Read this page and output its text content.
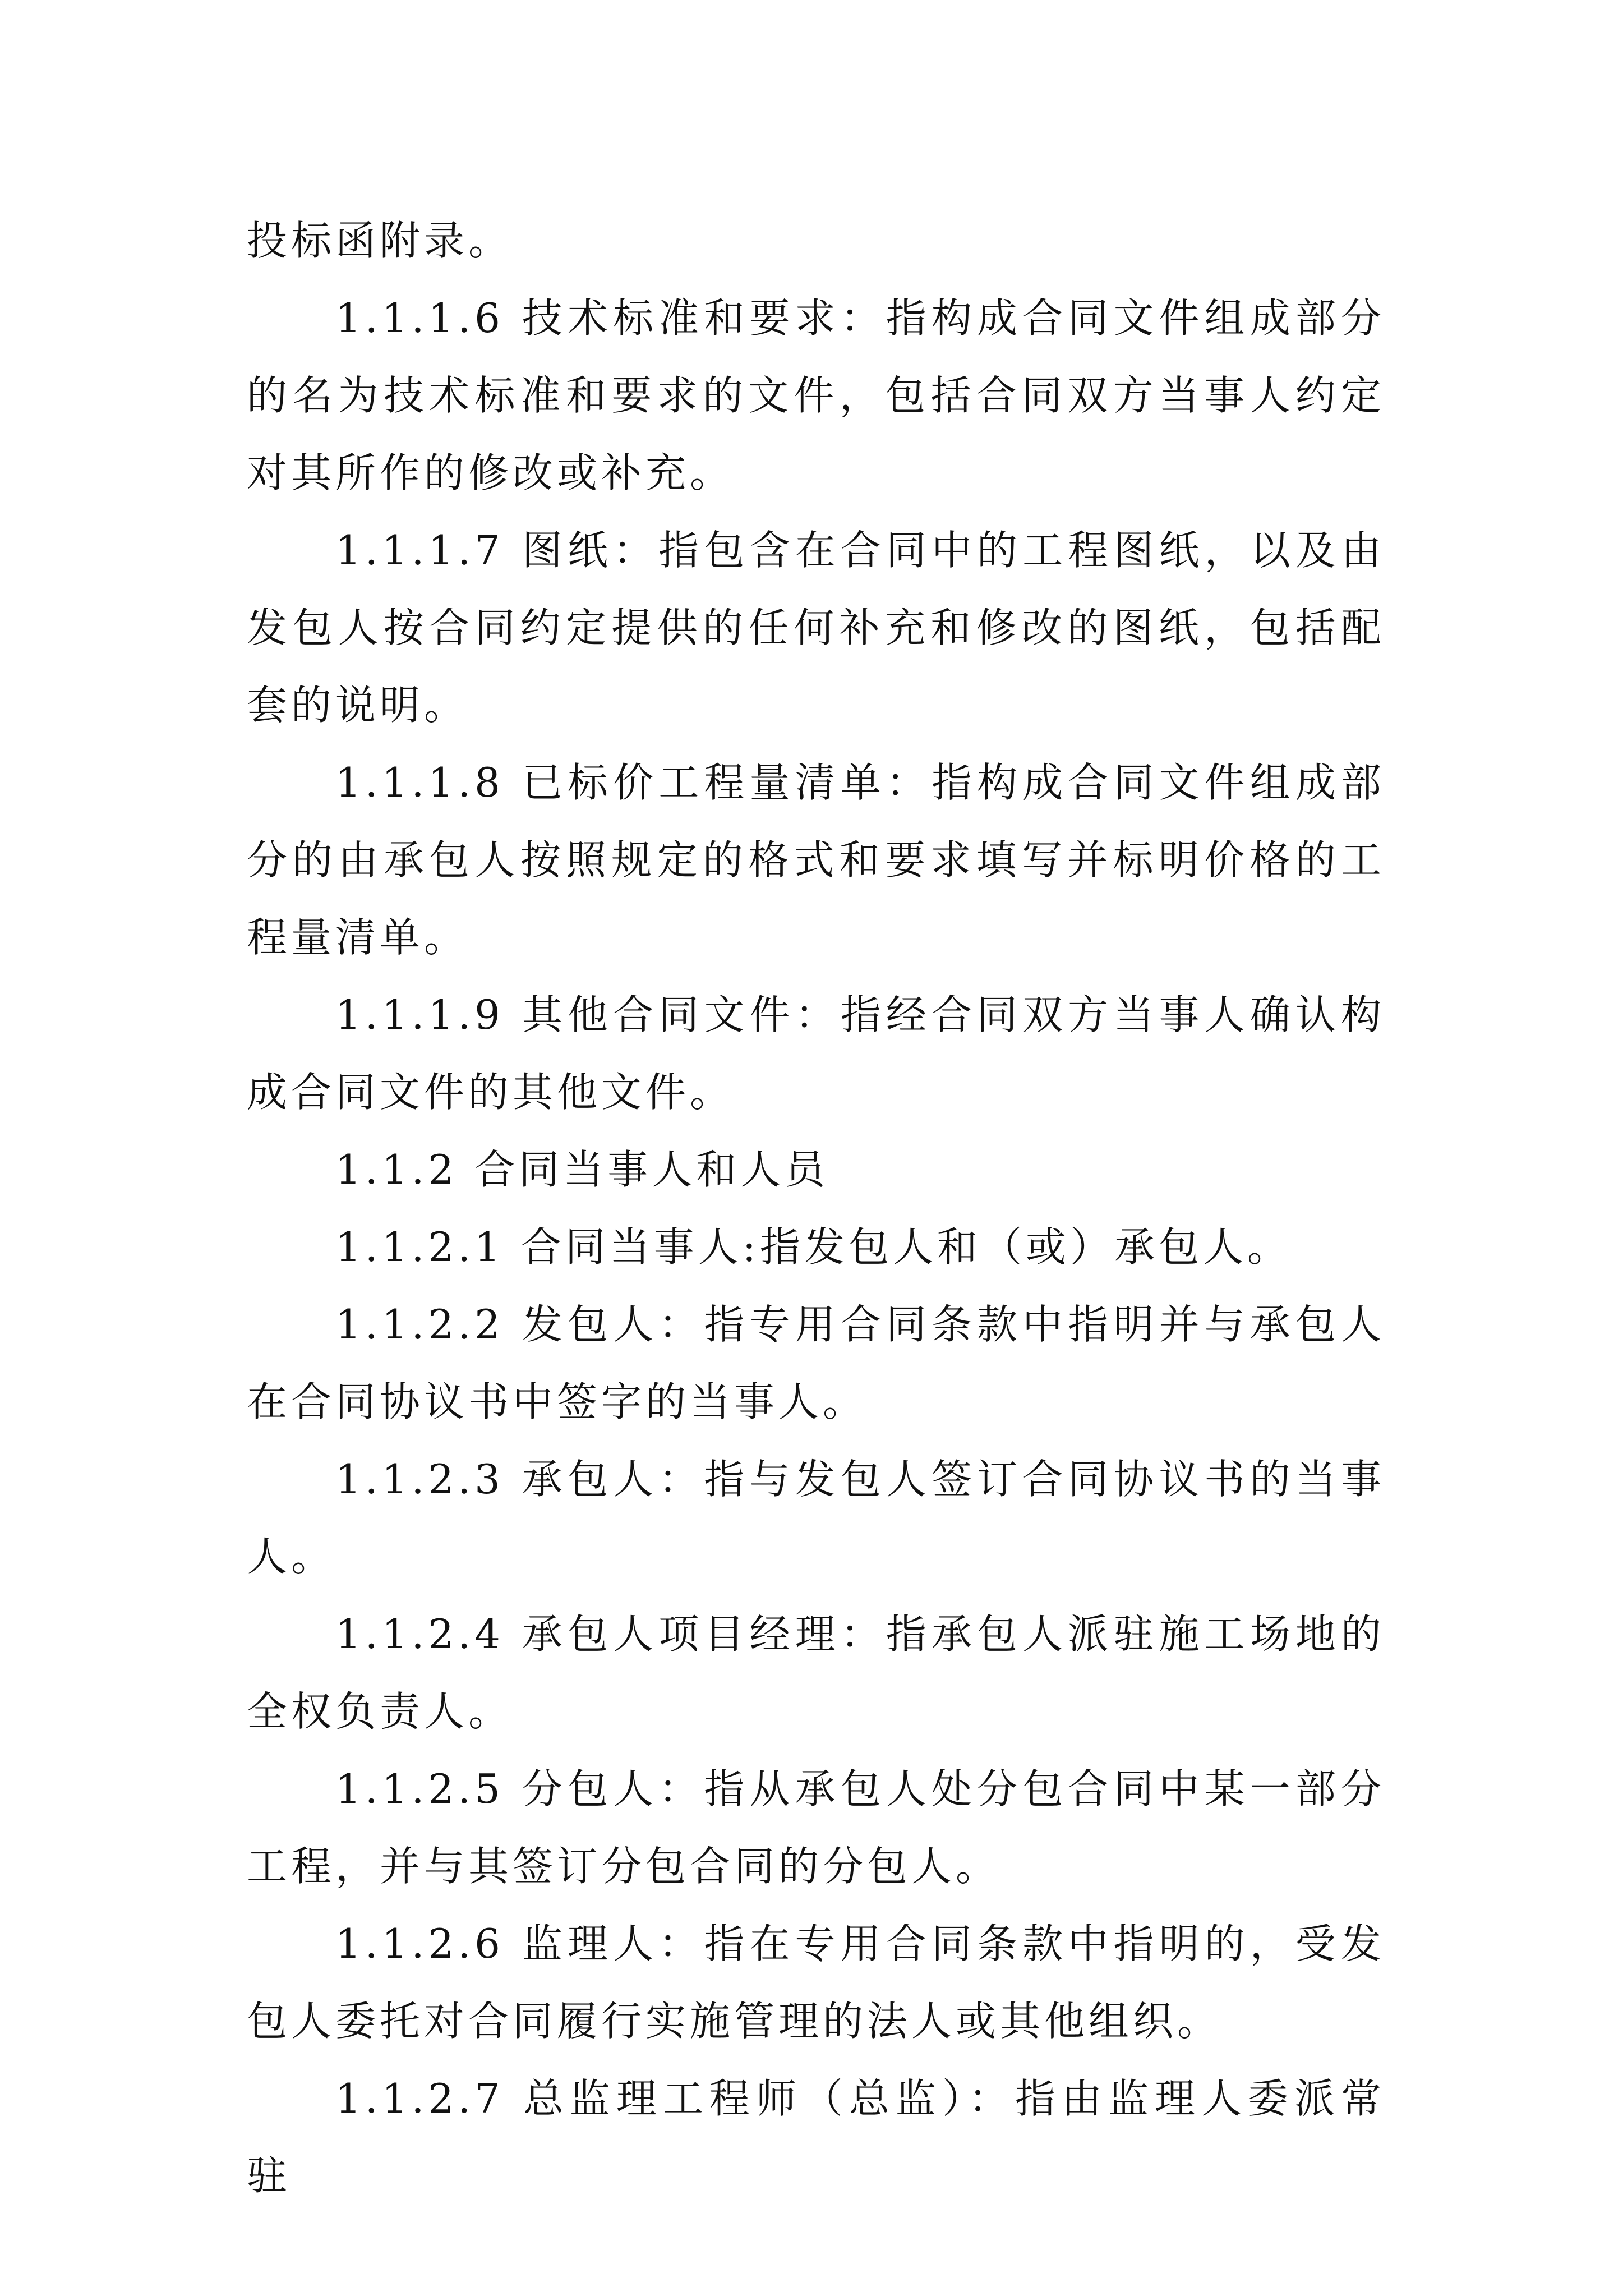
投标函附录。

1.1.1.6 技术标准和要求：指构成合同文件组成部分的名为技术标准和要求的文件，包括合同双方当事人约定对其所作的修改或补充。

1.1.1.7 图纸：指包含在合同中的工程图纸，以及由发包人按合同约定提供的任何补充和修改的图纸，包括配套的说明。

1.1.1.8 已标价工程量清单：指构成合同文件组成部分的由承包人按照规定的格式和要求填写并标明价格的工程量清单。

1.1.1.9 其他合同文件：指经合同双方当事人确认构成合同文件的其他文件。

1.1.2 合同当事人和人员

1.1.2.1 合同当事人:指发包人和（或）承包人。

1.1.2.2 发包人：指专用合同条款中指明并与承包人在合同协议书中签字的当事人。

1.1.2.3 承包人：指与发包人签订合同协议书的当事人。

1.1.2.4 承包人项目经理：指承包人派驻施工场地的全权负责人。

1.1.2.5 分包人：指从承包人处分包合同中某一部分工程，并与其签订分包合同的分包人。

1.1.2.6 监理人：指在专用合同条款中指明的，受发包人委托对合同履行实施管理的法人或其他组织。

1.1.2.7 总监理工程师（总监）：指由监理人委派常驻
